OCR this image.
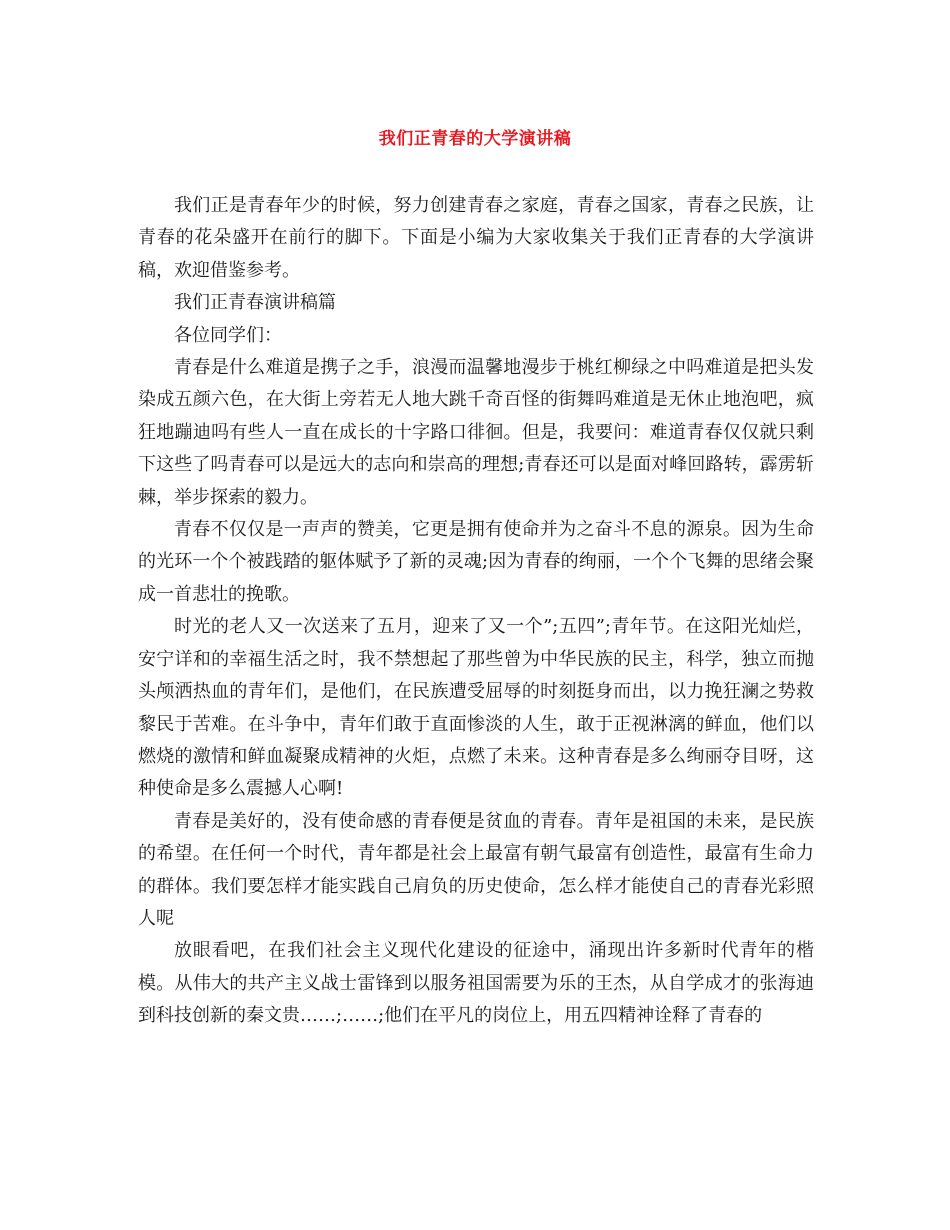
我们正青春的大学演讲稿

我们正是青春年少的时候，努力创建青春之家庭，青春之国家，青春之民族，让青春的花朵盛开在前行的脚下。下面是小编为大家收集关于我们正青春的大学演讲稿，欢迎借鉴参考。

我们正青春演讲稿篇

各位同学们：

青春是什么难道是携子之手，浪漫而温馨地漫步于桃红柳绿之中吗难道是把头发染成五颜六色，在大街上旁若无人地大跳千奇百怪的街舞吗难道是无休止地泡吧，疯狂地蹦迪吗有些人一直在成长的十字路口徘徊。但是，我要问：难道青春仅仅就只剩下这些了吗青春可以是远大的志向和崇高的理想;青春还可以是面对峰回路转，霹雳斩棘，举步探索的毅力。

青春不仅仅是一声声的赞美，它更是拥有使命并为之奋斗不息的源泉。因为生命的光环一个个被践踏的躯体赋予了新的灵魂;因为青春的绚丽，一个个飞舞的思绪会聚成一首悲壮的挽歌。

时光的老人又一次送来了五月，迎来了又一个”;五四”;青年节。在这阳光灿烂，安宁详和的幸福生活之时，我不禁想起了那些曾为中华民族的民主，科学，独立而抛头颅洒热血的青年们，是他们，在民族遭受屈辱的时刻挺身而出，以力挽狂澜之势救黎民于苦难。在斗争中，青年们敢于直面惨淡的人生，敢于正视淋漓的鲜血，他们以燃烧的激情和鲜血凝聚成精神的火炬，点燃了未来。这种青春是多么绚丽夺目呀，这种使命是多么震撼人心啊!

青春是美好的，没有使命感的青春便是贫血的青春。青年是祖国的未来，是民族的希望。在任何一个时代，青年都是社会上最富有朝气最富有创造性，最富有生命力的群体。我们要怎样才能实践自己肩负的历史使命，怎么样才能使自己的青春光彩照人呢

放眼看吧，在我们社会主义现代化建设的征途中，涌现出许多新时代青年的楷模。从伟大的共产主义战士雷锋到以服务祖国需要为乐的王杰，从自学成才的张海迪到科技创新的秦文贵……;……;他们在平凡的岗位上，用五四精神诠释了青春的
